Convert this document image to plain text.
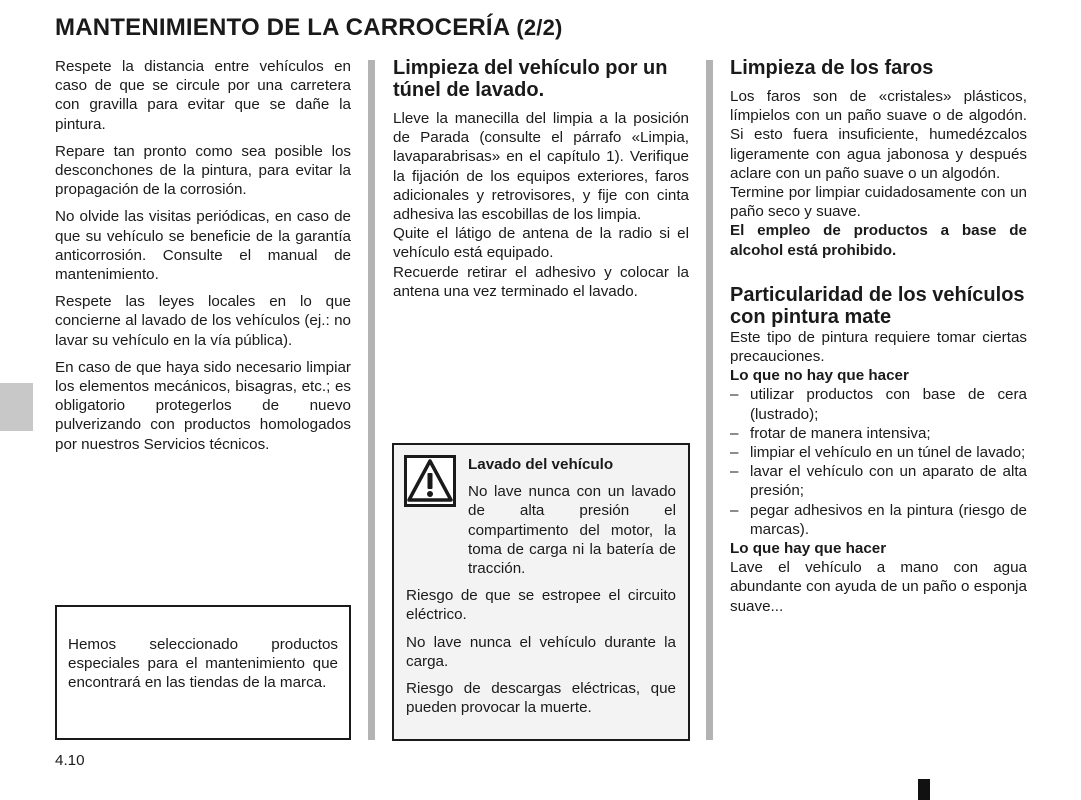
MANTENIMIENTO DE LA CARROCERÍA (2/2)

Respete la distancia entre vehículos en caso de que se circule por una carretera con gravilla para evitar que se dañe la pintura.

Repare tan pronto como sea posible los desconchones de la pintura, para evitar la propagación de la corrosión.

No olvide las visitas periódicas, en caso de que su vehículo se beneficie de la garantía anticorrosión. Consulte el manual de mantenimiento.

Respete las leyes locales en lo que concierne al lavado de los vehículos (ej.: no lavar su vehículo en la vía pública).

En caso de que haya sido necesario limpiar los elementos mecánicos, bisagras, etc.; es obligatorio protegerlos de nuevo pulverizando con productos homologados por nuestros Servicios técnicos.

Hemos seleccionado productos especiales para el mantenimiento que encontrará en las tiendas de la marca.

Limpieza del vehículo por un túnel de lavado.

Lleve la manecilla del limpia a la posición de Parada (consulte el párrafo «Limpia, lavaparabrisas» en el capítulo 1). Verifique la fijación de los equipos exteriores, faros adicionales y retrovisores, y fije con cinta adhesiva las escobillas de los limpia.

Quite el látigo de antena de la radio si el vehículo está equipado.

Recuerde retirar el adhesivo y colocar la antena una vez terminado el lavado.

Lavado del vehículo

No lave nunca con un lavado de alta presión el compartimento del motor, la toma de carga ni la batería de tracción.

Riesgo de que se estropee el circuito eléctrico.

No lave nunca el vehículo durante la carga.

Riesgo de descargas eléctricas, que pueden provocar la muerte.

Limpieza de los faros

Los faros son de «cristales» plásticos, límpielos con un paño suave o de algodón. Si esto fuera insuficiente, humedézcalos ligeramente con agua jabonosa y después aclare con un paño suave o un algodón.

Termine por limpiar cuidadosamente con un paño seco y suave.

El empleo de productos a base de alcohol está prohibido.

Particularidad de los vehículos con pintura mate

Este tipo de pintura requiere tomar ciertas precauciones.

Lo que no hay que hacer

– utilizar productos con base de cera (lustrado);
– frotar de manera intensiva;
– limpiar el vehículo en un túnel de lavado;
– lavar el vehículo con un aparato de alta presión;
– pegar adhesivos en la pintura (riesgo de marcas).

Lo que hay que hacer

Lave el vehículo a mano con agua abundante con ayuda de un paño o esponja suave...

4.10
